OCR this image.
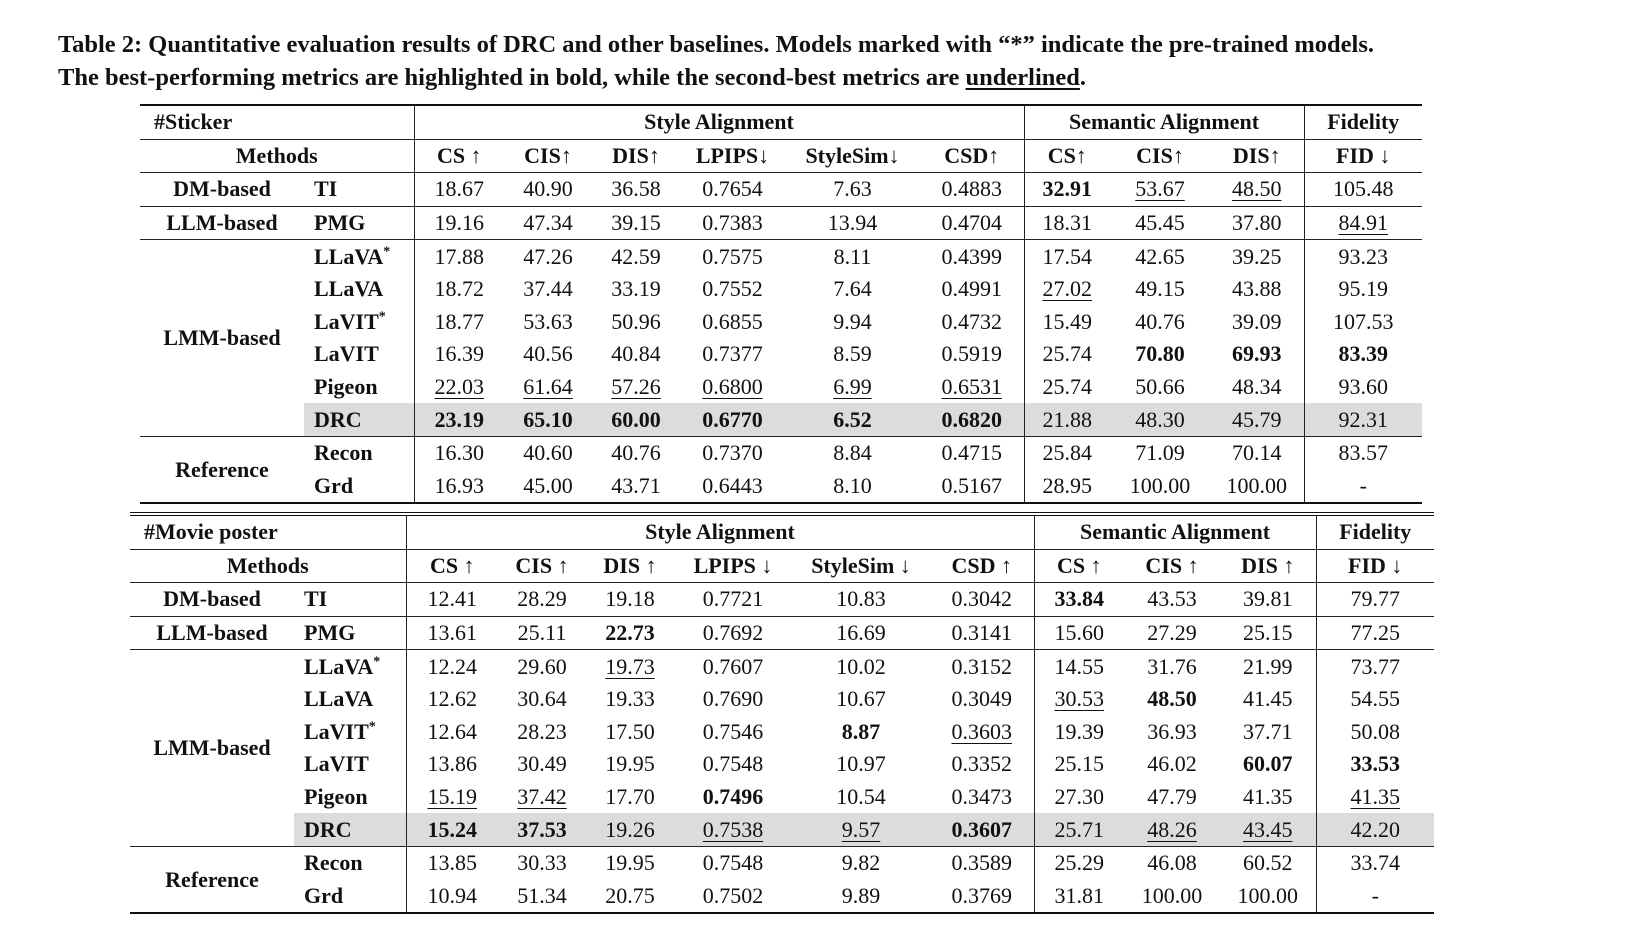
Table 2: Quantitative evaluation results of DRC and other baselines. Models marked with “*” indicate the pre-trained models.
The best-performing metrics are highlighted in bold, while the second-best metrics are underlined.
#Sticker		Style Alignment						Semantic Alignment			Fidelity
Methods		CS ↑	CIS↑	DIS↑	LPIPS↓	StyleSim↓	CSD↑	CS↑	CIS↑	DIS↑	FID ↓
DM-based	TI	18.67	40.90	36.58	0.7654	7.63	0.4883	32.91	53.67	48.50	105.48
LLM-based	PMG	19.16	47.34	39.15	0.7383	13.94	0.4704	18.31	45.45	37.80	84.91
LMM-based	LLaVA*	17.88	47.26	42.59	0.7575	8.11	0.4399	17.54	42.65	39.25	93.23
	LLaVA	18.72	37.44	33.19	0.7552	7.64	0.4991	27.02	49.15	43.88	95.19
	LaVIT*	18.77	53.63	50.96	0.6855	9.94	0.4732	15.49	40.76	39.09	107.53
	LaVIT	16.39	40.56	40.84	0.7377	8.59	0.5919	25.74	70.80	69.93	83.39
	Pigeon	22.03	61.64	57.26	0.6800	6.99	0.6531	25.74	50.66	48.34	93.60
	DRC	23.19	65.10	60.00	0.6770	6.52	0.6820	21.88	48.30	45.79	92.31
Reference	Recon	16.30	40.60	40.76	0.7370	8.84	0.4715	25.84	71.09	70.14	83.57
	Grd	16.93	45.00	43.71	0.6443	8.10	0.5167	28.95	100.00	100.00	-
#Movie poster		Style Alignment						Semantic Alignment			Fidelity
Methods		CS ↑	CIS ↑	DIS ↑	LPIPS ↓	StyleSim ↓	CSD ↑	CS ↑	CIS ↑	DIS ↑	FID ↓
DM-based	TI	12.41	28.29	19.18	0.7721	10.83	0.3042	33.84	43.53	39.81	79.77
LLM-based	PMG	13.61	25.11	22.73	0.7692	16.69	0.3141	15.60	27.29	25.15	77.25
LMM-based	LLaVA*	12.24	29.60	19.73	0.7607	10.02	0.3152	14.55	31.76	21.99	73.77
	LLaVA	12.62	30.64	19.33	0.7690	10.67	0.3049	30.53	48.50	41.45	54.55
	LaVIT*	12.64	28.23	17.50	0.7546	8.87	0.3603	19.39	36.93	37.71	50.08
	LaVIT	13.86	30.49	19.95	0.7548	10.97	0.3352	25.15	46.02	60.07	33.53
	Pigeon	15.19	37.42	17.70	0.7496	10.54	0.3473	27.30	47.79	41.35	41.35
	DRC	15.24	37.53	19.26	0.7538	9.57	0.3607	25.71	48.26	43.45	42.20
Reference	Recon	13.85	30.33	19.95	0.7548	9.82	0.3589	25.29	46.08	60.52	33.74
	Grd	10.94	51.34	20.75	0.7502	9.89	0.3769	31.81	100.00	100.00	-
